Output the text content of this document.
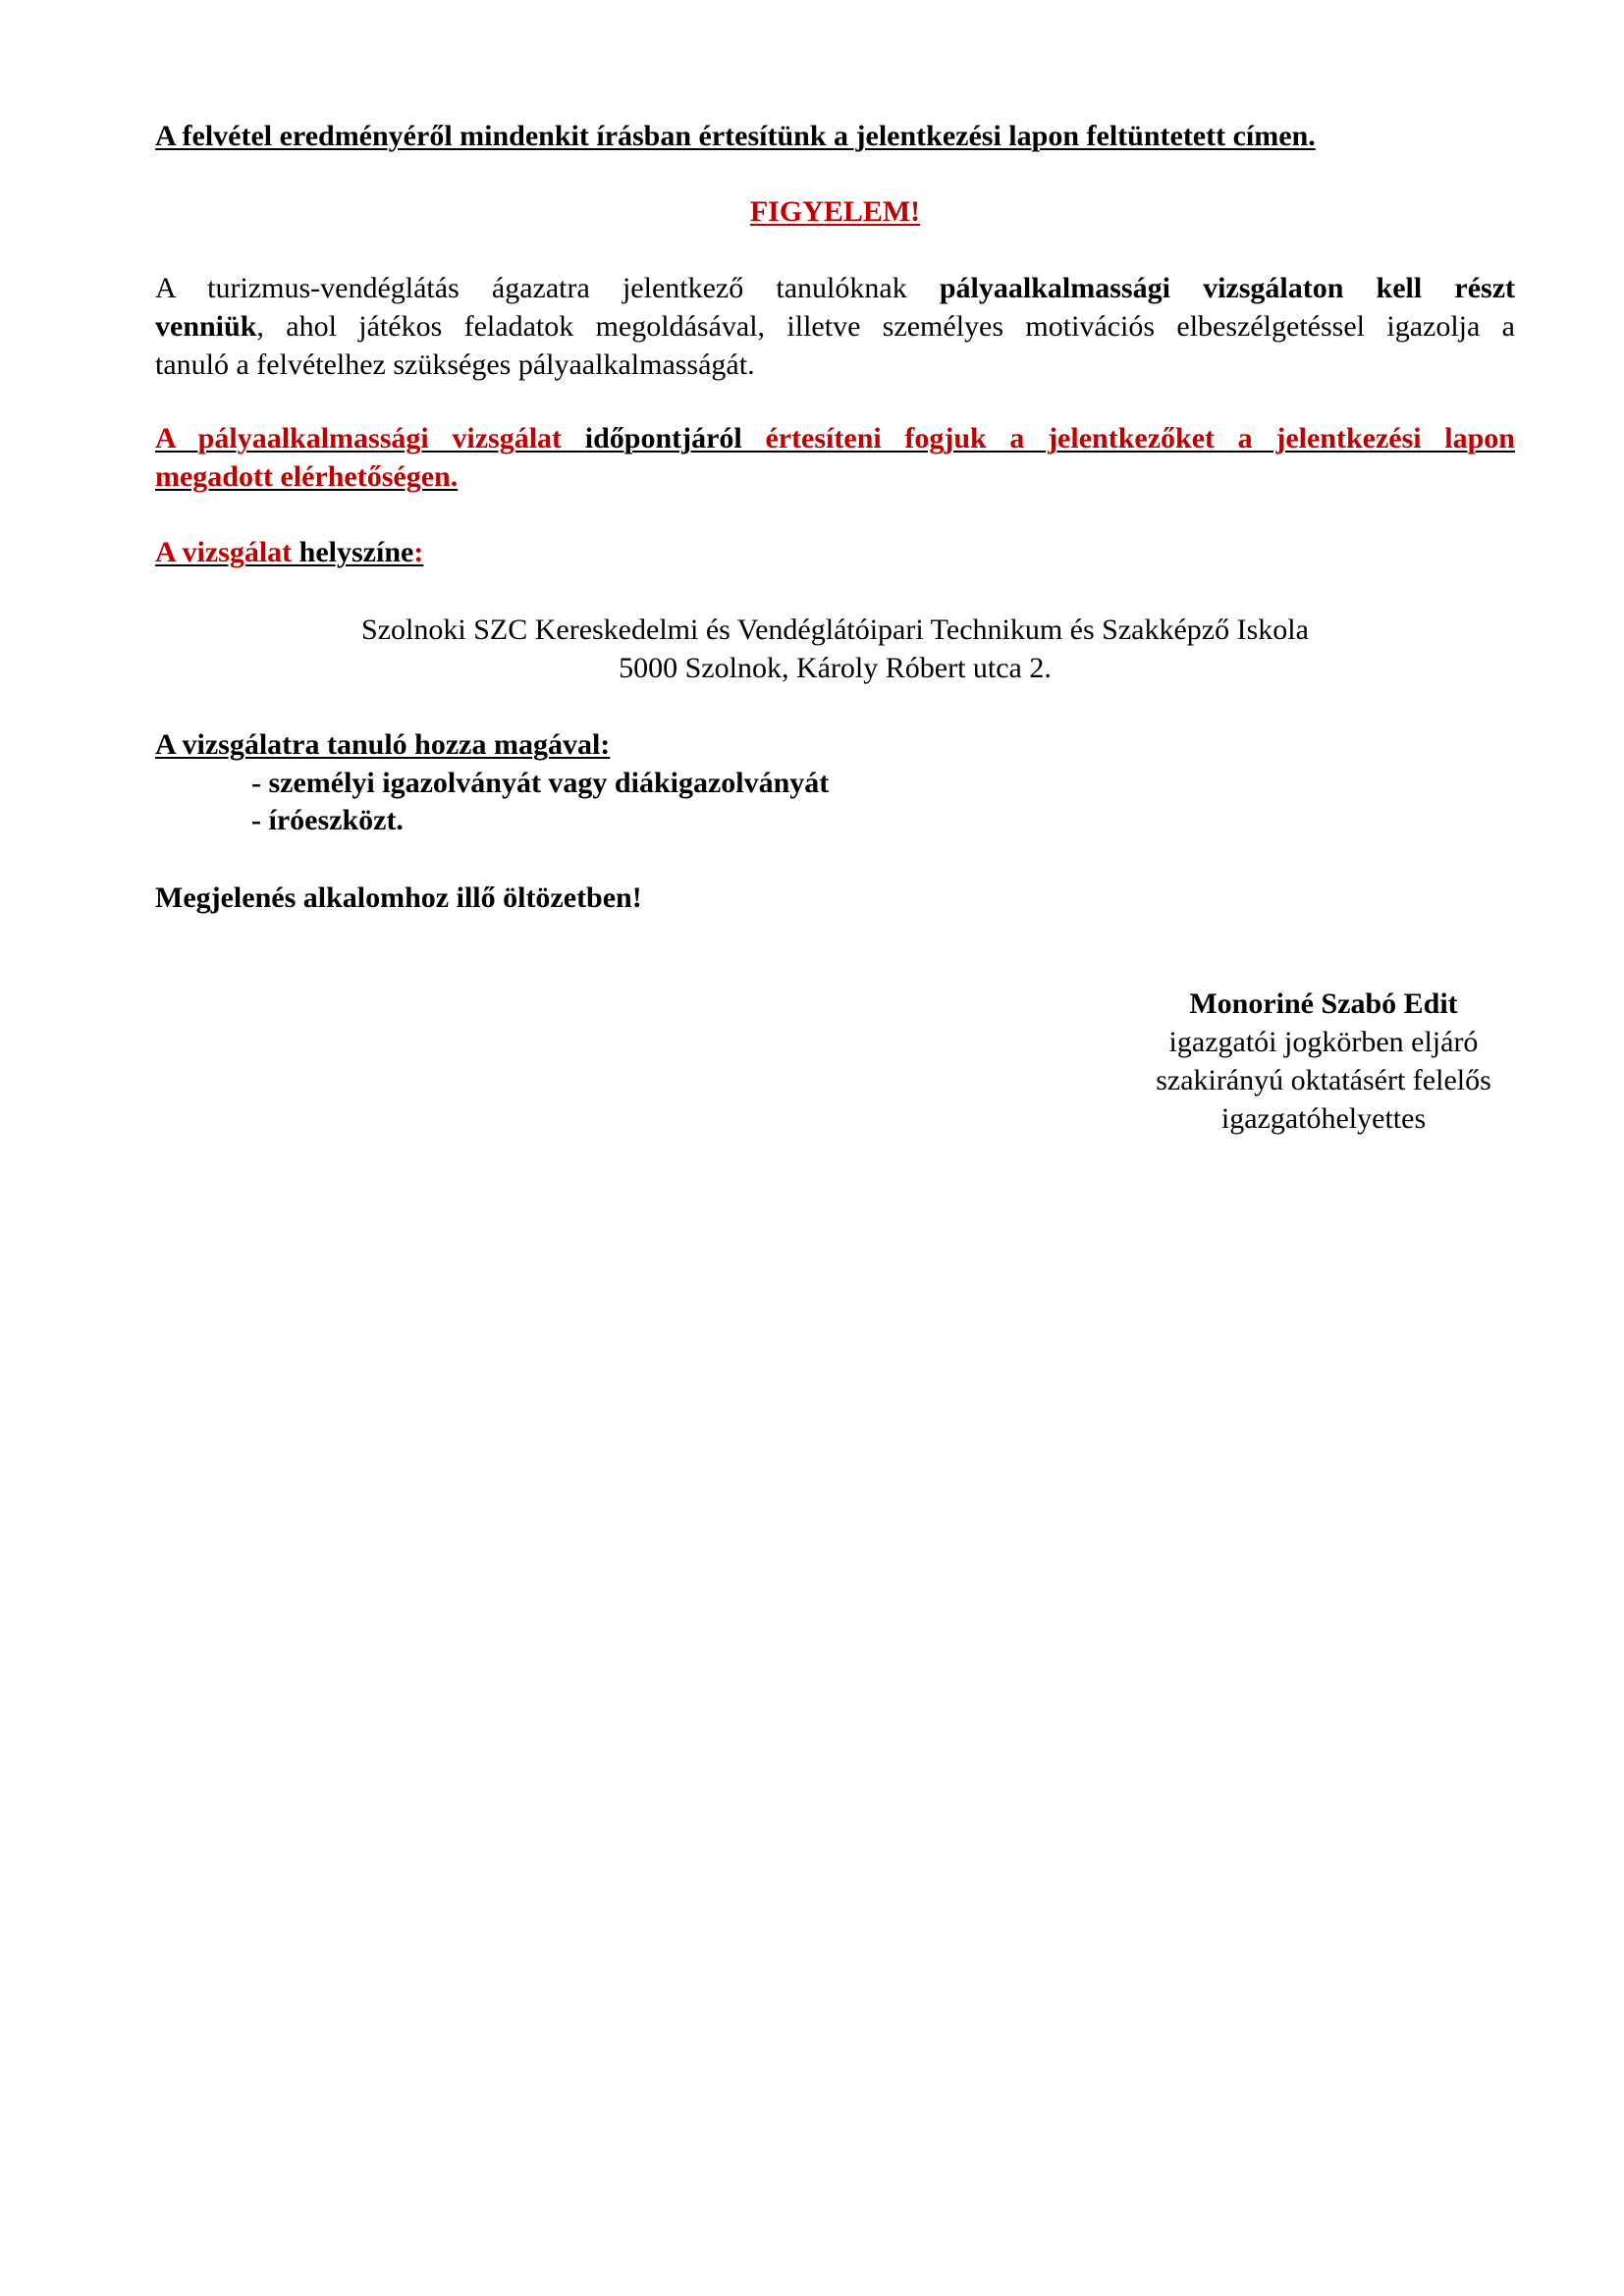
A felvétel eredményéről mindenkit írásban értesítünk a jelentkezési lapon feltüntetett címen.
FIGYELEM!
A turizmus-vendéglátás ágazatra jelentkező tanulóknak pályaalkalmassági vizsgálaton kell részt
venniük, ahol játékos feladatok megoldásával, illetve személyes motivációs elbeszélgetéssel igazolja a
tanuló a felvételhez szükséges pályaalkalmasságát.
A pályaalkalmassági vizsgálat időpontjáról értesíteni fogjuk a jelentkezőket a jelentkezési lapon
megadott elérhetőségen.
A vizsgálat helyszíne:
Szolnoki SZC Kereskedelmi és Vendéglátóipari Technikum és Szakképző Iskola
5000 Szolnok, Károly Róbert utca 2.
A vizsgálatra tanuló hozza magával:
- személyi igazolványát vagy diákigazolványát
- íróeszközt.
Megjelenés alkalomhoz illő öltözetben!
Monoriné Szabó Edit
igazgatói jogkörben eljáró
szakirányú oktatásért felelős
igazgatóhelyettes
